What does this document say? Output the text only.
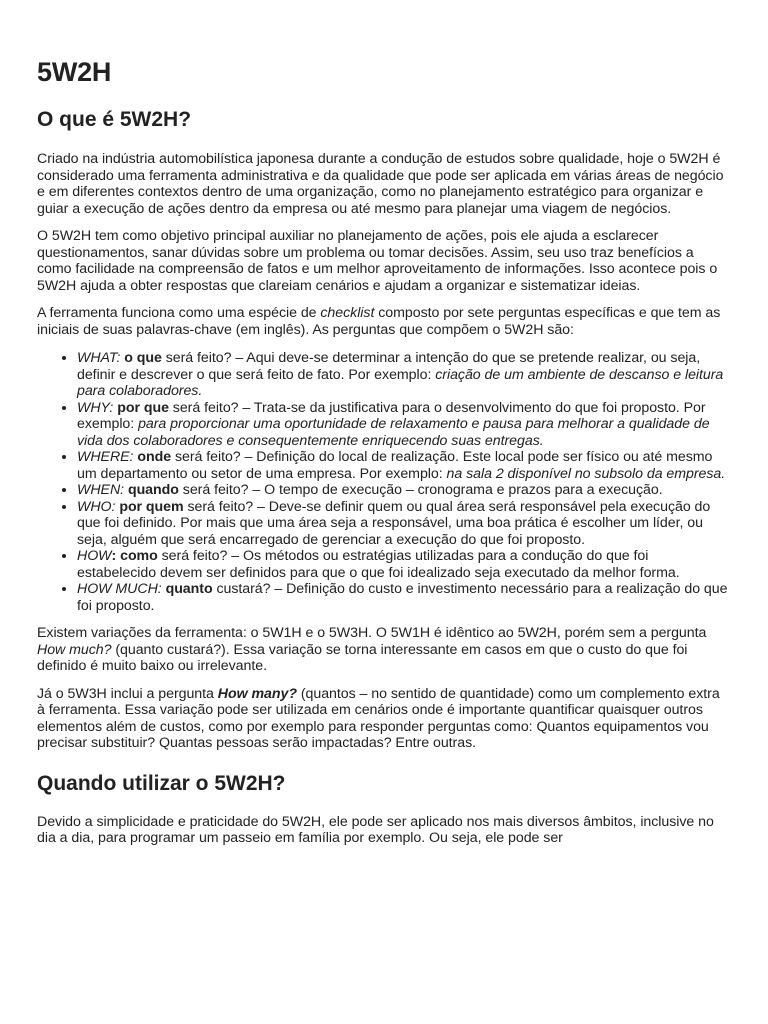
5W2H
O que é 5W2H?

Criado na indústria automobilística japonesa durante a condução de estudos sobre qualidade, hoje o 5W2H é considerado uma ferramenta administrativa e da qualidade que pode ser aplicada em várias áreas de negócio e em diferentes contextos dentro de uma organização, como no planejamento estratégico para organizar e guiar a execução de ações dentro da empresa ou até mesmo para planejar uma viagem de negócios.

O 5W2H tem como objetivo principal auxiliar no planejamento de ações, pois ele ajuda a esclarecer questionamentos, sanar dúvidas sobre um problema ou tomar decisões. Assim, seu uso traz benefícios a como facilidade na compreensão de fatos e um melhor aproveitamento de informações. Isso acontece pois o 5W2H ajuda a obter respostas que clareiam cenários e ajudam a organizar e sistematizar ideias.

A ferramenta funciona como uma espécie de checklist composto por sete perguntas específicas e que tem as iniciais de suas palavras-chave (em inglês). As perguntas que compõem o 5W2H são:

• WHAT: o que será feito? – Aqui deve-se determinar a intenção do que se pretende realizar, ou seja, definir e descrever o que será feito de fato. Por exemplo: criação de um ambiente de descanso e leitura para colaboradores.
• WHY: por que será feito? – Trata-se da justificativa para o desenvolvimento do que foi proposto. Por exemplo: para proporcionar uma oportunidade de relaxamento e pausa para melhorar a qualidade de vida dos colaboradores e consequentemente enriquecendo suas entregas.
• WHERE: onde será feito? – Definição do local de realização. Este local pode ser físico ou até mesmo um departamento ou setor de uma empresa. Por exemplo: na sala 2 disponível no subsolo da empresa.
• WHEN: quando será feito? – O tempo de execução – cronograma e prazos para a execução.
• WHO: por quem será feito? – Deve-se definir quem ou qual área será responsável pela execução do que foi definido. Por mais que uma área seja a responsável, uma boa prática é escolher um líder, ou seja, alguém que será encarregado de gerenciar a execução do que foi proposto.
• HOW: como será feito? – Os métodos ou estratégias utilizadas para a condução do que foi estabelecido devem ser definidos para que o que foi idealizado seja executado da melhor forma.
• HOW MUCH: quanto custará? – Definição do custo e investimento necessário para a realização do que foi proposto.

Existem variações da ferramenta: o 5W1H e o 5W3H. O 5W1H é idêntico ao 5W2H, porém sem a pergunta How much? (quanto custará?). Essa variação se torna interessante em casos em que o custo do que foi definido é muito baixo ou irrelevante.

Já o 5W3H inclui a pergunta How many? (quantos – no sentido de quantidade) como um complemento extra à ferramenta. Essa variação pode ser utilizada em cenários onde é importante quantificar quaisquer outros elementos além de custos, como por exemplo para responder perguntas como: Quantos equipamentos vou precisar substituir? Quantas pessoas serão impactadas? Entre outras.

Quando utilizar o 5W2H?

Devido a simplicidade e praticidade do 5W2H, ele pode ser aplicado nos mais diversos âmbitos, inclusive no dia a dia, para programar um passeio em família por exemplo. Ou seja, ele pode ser
